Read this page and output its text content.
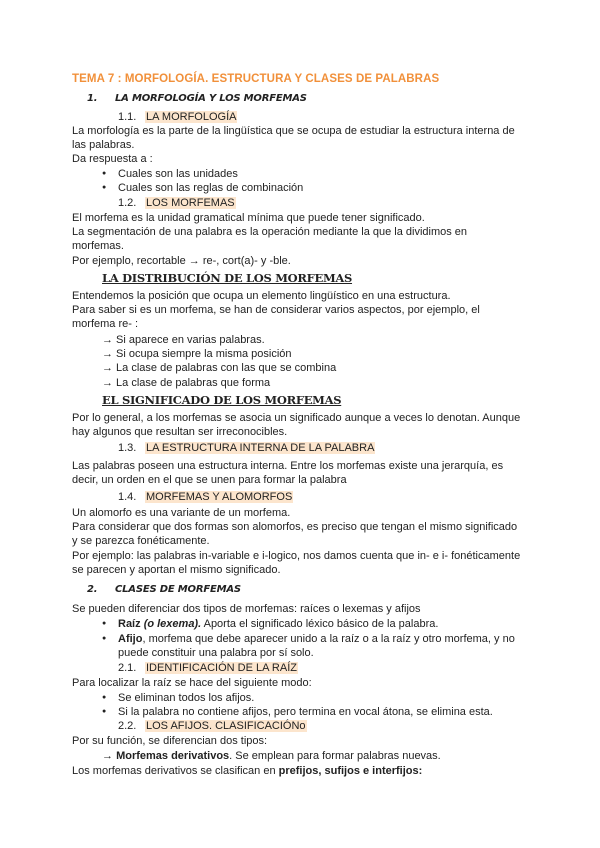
TEMA 7 : MORFOLOGÍA. ESTRUCTURA Y CLASES DE PALABRAS
1. LA MORFOLOGÍA Y LOS MORFEMAS
1.1. LA MORFOLOGÍA
La morfología es la parte de la lingüística que se ocupa de estudiar la estructura interna de
las palabras.
Da respuesta a :
Cuales son las unidades
Cuales son las reglas de combinación
1.2. LOS MORFEMAS
El morfema es la unidad gramatical mínima que puede tener significado.
La segmentación de una palabra es la operación mediante la que la dividimos en
morfemas.
Por ejemplo, recortable → re-, cort(a)- y -ble.
LA DISTRIBUCIÓN DE LOS MORFEMAS
Entendemos la posición que ocupa un elemento lingüístico en una estructura.
Para saber si es un morfema, se han de considerar varios aspectos, por ejemplo, el
morfema re- :
→ Si aparece en varias palabras.
→ Si ocupa siempre la misma posición
→ La clase de palabras con las que se combina
→ La clase de palabras que forma
EL SIGNIFICADO DE LOS MORFEMAS
Por lo general, a los morfemas se asocia un significado aunque a veces lo denotan. Aunque
hay algunos que resultan ser irreconocibles.
1.3. LA ESTRUCTURA INTERNA DE LA PALABRA
Las palabras poseen una estructura interna. Entre los morfemas existe una jerarquía, es
decir, un orden en el que se unen para formar la palabra
1.4. MORFEMAS Y ALOMORFOS
Un alomorfo es una variante de un morfema.
Para considerar que dos formas son alomorfos, es preciso que tengan el mismo significado
y se parezca fonéticamente.
Por ejemplo: las palabras in-variable e i-logico, nos damos cuenta que in- e i- fonéticamente
se parecen y aportan el mismo significado.
2. CLASES DE MORFEMAS
Se pueden diferenciar dos tipos de morfemas: raíces o lexemas y afijos
Raíz (o lexema). Aporta el significado léxico básico de la palabra.
Afijo, morfema que debe aparecer unido a la raíz o a la raíz y otro morfema, y no
puede constituir una palabra por sí solo.
2.1. IDENTIFICACIÓN DE LA RAÍZ
Para localizar la raíz se hace del siguiente modo:
Se eliminan todos los afijos.
Si la palabra no contiene afijos, pero termina en vocal átona, se elimina esta.
2.2. LOS AFIJOS. CLASIFICACIÓNo
Por su función, se diferencian dos tipos:
→ Morfemas derivativos. Se emplean para formar palabras nuevas.
Los morfemas derivativos se clasifican en prefijos, sufijos e interfijos:
